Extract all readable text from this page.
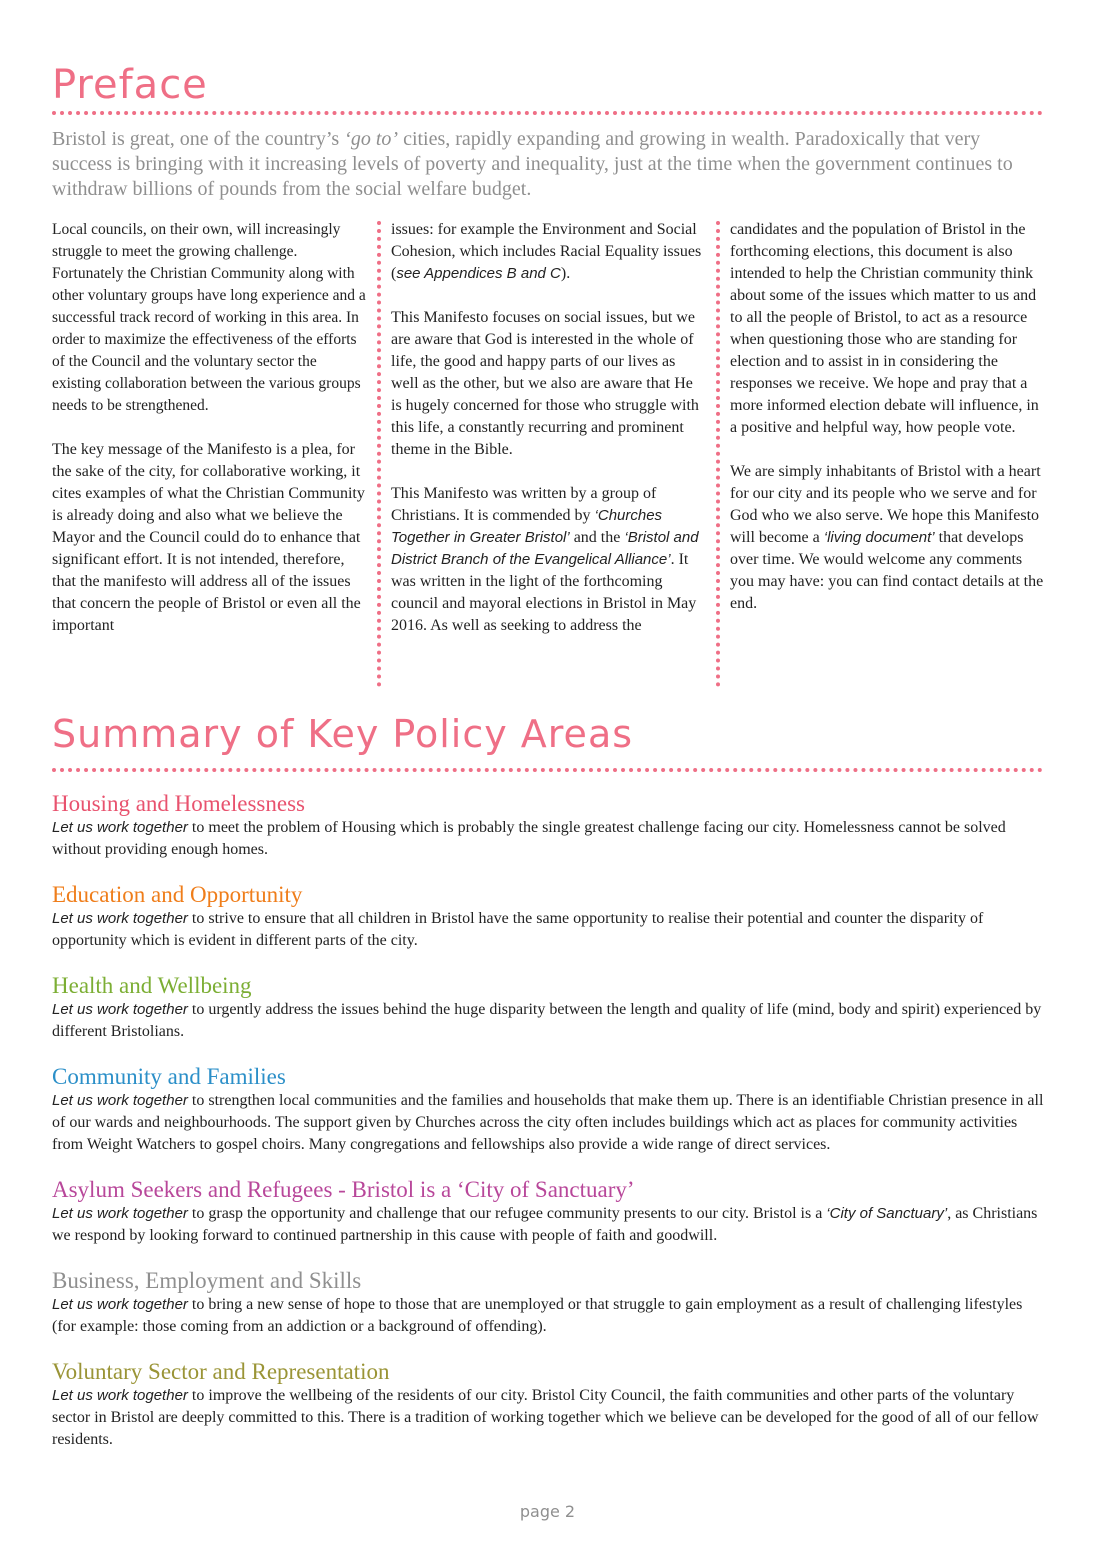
Preface
Bristol is great, one of the country’s ‘go to’ cities, rapidly expanding and growing in wealth. Paradoxically that very success is bringing with it increasing levels of poverty and inequality, just at the time when the government continues to withdraw billions of pounds from the social welfare budget.

Local councils, on their own, will increasingly struggle to meet the growing challenge. Fortunately the Christian Community along with other voluntary groups have long experience and a successful track record of working in this area. In order to maximize the effectiveness of the efforts of the Council and the voluntary sector the existing collaboration between the various groups needs to be strengthened.

The key message of the Manifesto is a plea, for the sake of the city, for collaborative working, it cites examples of what the Christian Community is already doing and also what we believe the Mayor and the Council could do to enhance that significant effort. It is not intended, therefore, that the manifesto will address all of the issues that concern the people of Bristol or even all the important

issues: for example the Environment and Social Cohesion, which includes Racial Equality issues (see Appendices B and C).

This Manifesto focuses on social issues, but we are aware that God is interested in the whole of life, the good and happy parts of our lives as well as the other, but we also are aware that He is hugely concerned for those who struggle with this life, a constantly recurring and prominent theme in the Bible.

This Manifesto was written by a group of Christians. It is commended by ‘Churches Together in Greater Bristol’ and the ‘Bristol and District Branch of the Evangelical Alliance’. It was written in the light of the forthcoming council and mayoral elections in Bristol in May 2016. As well as seeking to address the

candidates and the population of Bristol in the forthcoming elections, this document is also intended to help the Christian community think about some of the issues which matter to us and to all the people of Bristol, to act as a resource when questioning those who are standing for election and to assist in in considering the responses we receive. We hope and pray that a more informed election debate will influence, in a positive and helpful way, how people vote.

We are simply inhabitants of Bristol with a heart for our city and its people who we serve and for God who we also serve. We hope this Manifesto will become a ‘living document’ that develops over time. We would welcome any comments you may have: you can find contact details at the end.

Summary of Key Policy Areas
Housing and Homelessness
Let us work together to meet the problem of Housing which is probably the single greatest challenge facing our city. Homelessness cannot be solved without providing enough homes.
Education and Opportunity
Let us work together to strive to ensure that all children in Bristol have the same opportunity to realise their potential and counter the disparity of opportunity which is evident in different parts of the city.
Health and Wellbeing
Let us work together to urgently address the issues behind the huge disparity between the length and quality of life (mind, body and spirit) experienced by different Bristolians.
Community and Families
Let us work together to strengthen local communities and the families and households that make them up. There is an identifiable Christian presence in all of our wards and neighbourhoods. The support given by Churches across the city often includes buildings which act as places for community activities from Weight Watchers to gospel choirs. Many congregations and fellowships also provide a wide range of direct services.
Asylum Seekers and Refugees - Bristol is a ‘City of Sanctuary’
Let us work together to grasp the opportunity and challenge that our refugee community presents to our city. Bristol is a ‘City of Sanctuary’, as Christians we respond by looking forward to continued partnership in this cause with people of faith and goodwill.
Business, Employment and Skills
Let us work together to bring a new sense of hope to those that are unemployed or that struggle to gain employment as a result of challenging lifestyles (for example: those coming from an addiction or a background of offending).
Voluntary Sector and Representation
Let us work together to improve the wellbeing of the residents of our city. Bristol City Council, the faith communities and other parts of the voluntary sector in Bristol are deeply committed to this. There is a tradition of working together which we believe can be developed for the good of all of our fellow residents.
page 2
